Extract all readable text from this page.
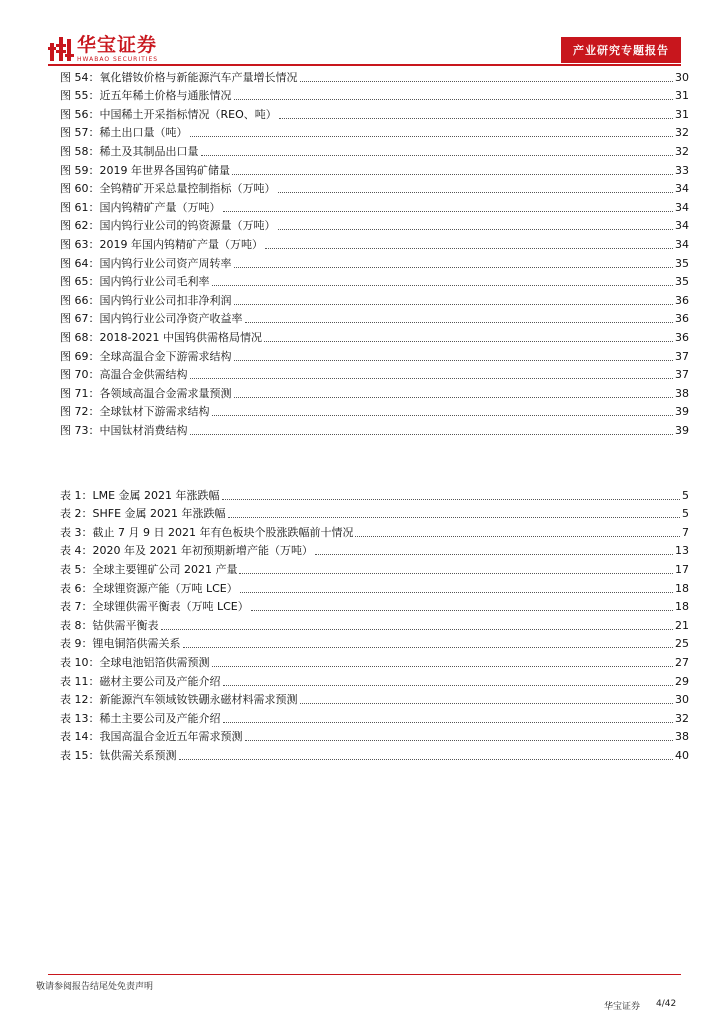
华宝证券
HWABAO SECURITIES
产业研究专题报告
图 54：氧化镨钕价格与新能源汽车产量增长情况	30
图 55：近五年稀土价格与通胀情况	31
图 56：中国稀土开采指标情况（REO、吨）	31
图 57：稀土出口量（吨）	32
图 58：稀土及其制品出口量	32
图 59：2019 年世界各国钨矿储量	33
图 60：全钨精矿开采总量控制指标（万吨）	34
图 61：国内钨精矿产量（万吨）	34
图 62：国内钨行业公司的钨资源量（万吨）	34
图 63：2019 年国内钨精矿产量（万吨）	34
图 64：国内钨行业公司资产周转率	35
图 65：国内钨行业公司毛利率	35
图 66：国内钨行业公司扣非净利润	36
图 67：国内钨行业公司净资产收益率	36
图 68：2018-2021 中国钨供需格局情况	36
图 69：全球高温合金下游需求结构	37
图 70：高温合金供需结构	37
图 71：各领域高温合金需求量预测	38
图 72：全球钛材下游需求结构	39
图 73：中国钛材消费结构	39
表 1：LME 金属 2021 年涨跌幅	5
表 2：SHFE 金属 2021 年涨跌幅	5
表 3：截止 7 月 9 日 2021 年有色板块个股涨跌幅前十情况	7
表 4：2020 年及 2021 年初预期新增产能（万吨）	13
表 5：全球主要锂矿公司 2021 产量	17
表 6：全球锂资源产能（万吨 LCE）	18
表 7：全球锂供需平衡表（万吨 LCE）	18
表 8：钴供需平衡表	21
表 9：锂电铜箔供需关系	25
表 10：全球电池铝箔供需预测	27
表 11：磁材主要公司及产能介绍	29
表 12：新能源汽车领域钕铁硼永磁材料需求预测	30
表 13：稀土主要公司及产能介绍	32
表 14：我国高温合金近五年需求预测	38
表 15：钛供需关系预测	40
敬请参阅报告结尾处免责声明
华宝证券 4/42
